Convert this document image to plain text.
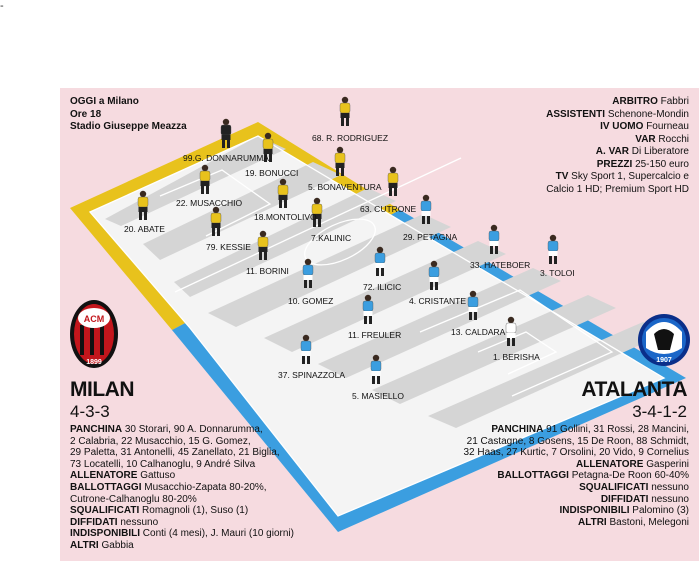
-
ACM
1899	1907
OGGI a Milano
Ore 18
Stadio Giuseppe Meazza
ARBITRO Fabbri
ASSISTENTI Schenone-Mondin
IV UOMO Fourneau
VAR Rocchi
A. VAR Di Liberatore
PREZZI 25-150 euro
TV Sky Sport 1, Supercalcio e
Calcio 1 HD; Premium Sport HD
MILAN
4-3-3
ATALANTA
3-4-1-2
PANCHINA 30 Storari, 90 A. Donnarumma,
2 Calabria, 22 Musacchio, 15 G. Gomez,
29 Paletta, 31 Antonelli, 45 Zanellato, 21 Biglia,
73 Locatelli, 10 Calhanoglu, 9 André Silva
ALLENATORE Gattuso
BALLOTTAGGI Musacchio-Zapata 80-20%,
Cutrone-Calhanoglu 80-20%
SQUALIFICATI Romagnoli (1), Suso (1)
DIFFIDATI nessuno
INDISPONIBILI Conti (4 mesi), J. Mauri (10 giorni)
ALTRI Gabbia
PANCHINA 91 Gollini, 31 Rossi, 28 Mancini,
21 Castagne, 8 Gosens, 15 De Roon, 88 Schmidt,
32 Haas, 27 Kurtic, 7 Orsolini, 20 Vido, 9 Cornelius
ALLENATORE Gasperini
BALLOTTAGGI Petagna-De Roon 60-40%
SQUALIFICATI nessuno
DIFFIDATI nessuno
INDISPONIBILI Palomino (3)
ALTRI Bastoni, Melegoni
99.G. DONNARUMMA
20. ABATE
22. MUSACCHIO
19. BONUCCI
18.MONTOLIVO
79. KESSIE
5. BONAVENTURA
11. BORINI
68. R. RODRIGUEZ
7.KALINIC
63. CUTRONE
29. PETAGNA
72. ILICIC
33. HATEBOER
3. TOLOI
10. GOMEZ	4. CRISTANTE
11. FREULER	13. CALDARA
1. BERISHA
37. SPINAZZOLA
5. MASIELLO
